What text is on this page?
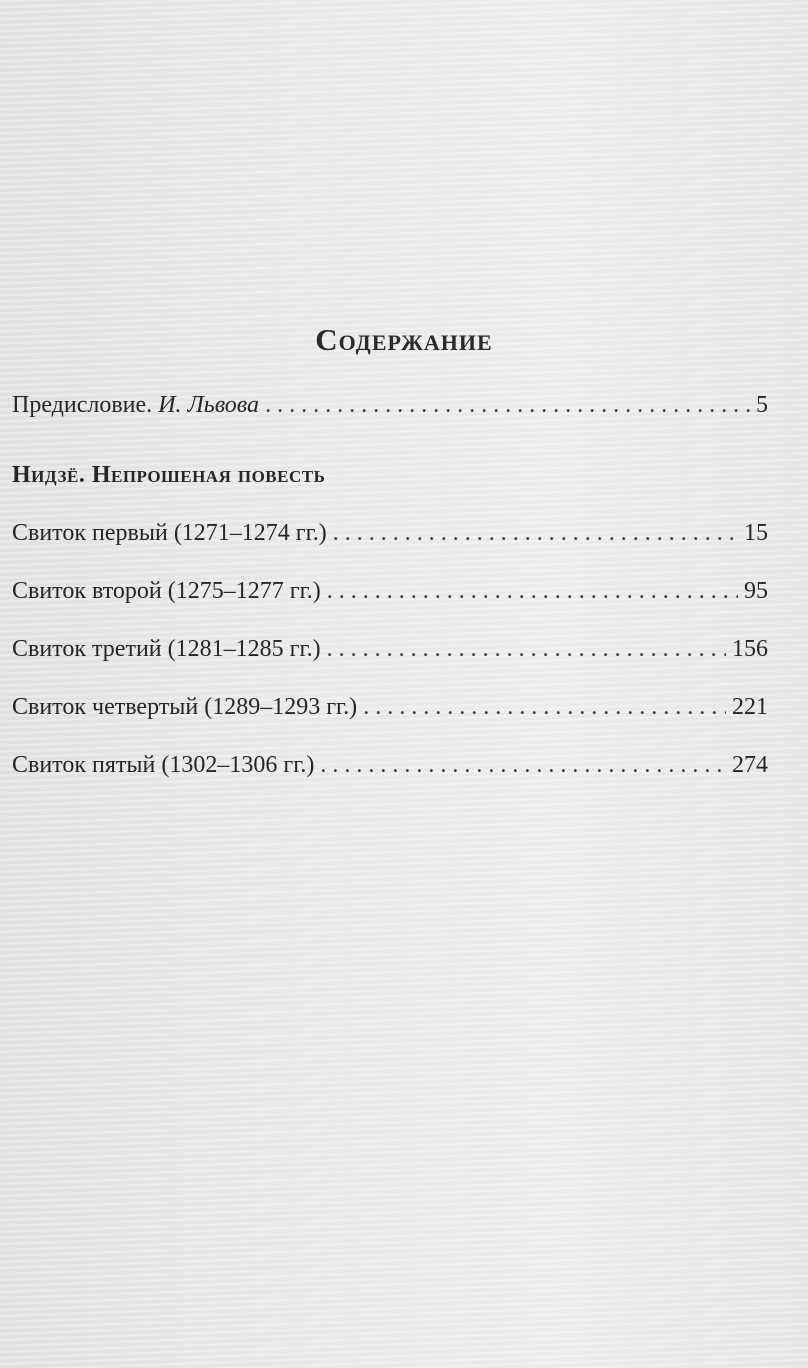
Содержание
Предисловие. И. Львова . . .	5
Нидзё. Непрошеная повесть
Свиток первый (1271–1274 гг.) . . .	15
Свиток второй (1275–1277 гг.) . . .	95
Свиток третий (1281–1285 гг.) . . .	156
Свиток четвертый (1289–1293 гг.) . . .	221
Свиток пятый (1302–1306 гг.) . . .	274
